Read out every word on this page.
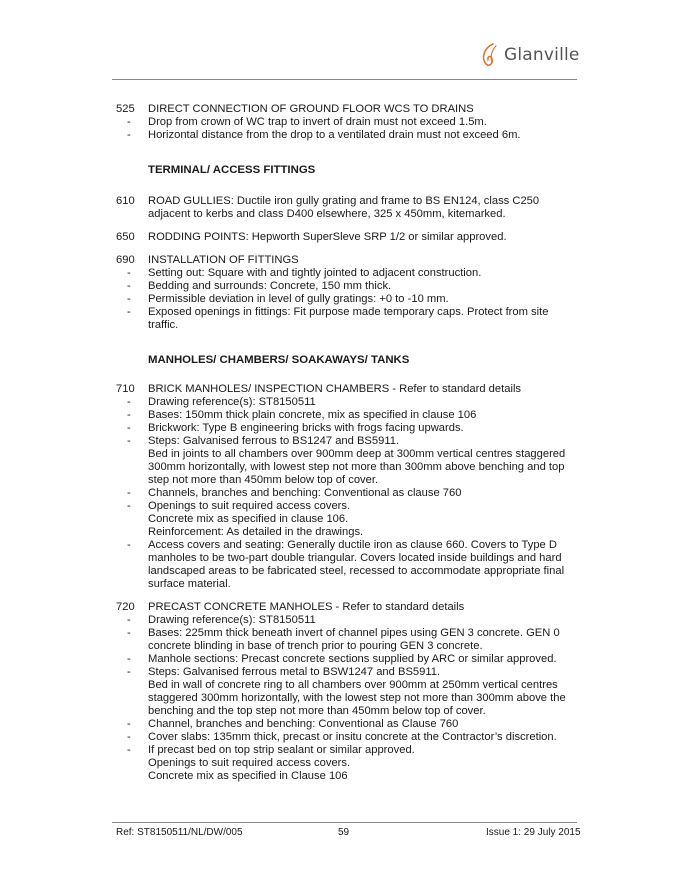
Glanville
525 DIRECT CONNECTION OF GROUND FLOOR WCS TO DRAINS
- Drop from crown of WC trap to invert of drain must not exceed 1.5m.
- Horizontal distance from the drop to a ventilated drain must not exceed 6m.
TERMINAL/ ACCESS FITTINGS
610 ROAD GULLIES: Ductile iron gully grating and frame to BS EN124, class C250
adjacent to kerbs and class D400 elsewhere, 325 x 450mm, kitemarked.
650 RODDING POINTS: Hepworth SuperSleve SRP 1/2 or similar approved.
690 INSTALLATION OF FITTINGS
- Setting out: Square with and tightly jointed to adjacent construction.
- Bedding and surrounds: Concrete, 150 mm thick.
- Permissible deviation in level of gully gratings: +0 to -10 mm.
- Exposed openings in fittings: Fit purpose made temporary caps. Protect from site
traffic.
MANHOLES/ CHAMBERS/ SOAKAWAYS/ TANKS
710 BRICK MANHOLES/ INSPECTION CHAMBERS - Refer to standard details
- Drawing reference(s): ST8150511
- Bases: 150mm thick plain concrete, mix as specified in clause 106
- Brickwork: Type B engineering bricks with frogs facing upwards.
- Steps: Galvanised ferrous to BS1247 and BS5911.
Bed in joints to all chambers over 900mm deep at 300mm vertical centres staggered
300mm horizontally, with lowest step not more than 300mm above benching and top
step not more than 450mm below top of cover.
- Channels, branches and benching: Conventional as clause 760
- Openings to suit required access covers.
Concrete mix as specified in clause 106.
Reinforcement: As detailed in the drawings.
- Access covers and seating: Generally ductile iron as clause 660. Covers to Type D
manholes to be two-part double triangular. Covers located inside buildings and hard
landscaped areas to be fabricated steel, recessed to accommodate appropriate final
surface material.
720 PRECAST CONCRETE MANHOLES - Refer to standard details
- Drawing reference(s): ST8150511
- Bases: 225mm thick beneath invert of channel pipes using GEN 3 concrete. GEN 0
concrete blinding in base of trench prior to pouring GEN 3 concrete.
- Manhole sections: Precast concrete sections supplied by ARC or similar approved.
- Steps: Galvanised ferrous metal to BSW1247 and BS5911.
Bed in wall of concrete ring to all chambers over 900mm at 250mm vertical centres
staggered 300mm horizontally, with the lowest step not more than 300mm above the
benching and the top step not more than 450mm below top of cover.
- Channel, branches and benching: Conventional as Clause 760
- Cover slabs: 135mm thick, precast or insitu concrete at the Contractor’s discretion.
- If precast bed on top strip sealant or similar approved.
Openings to suit required access covers.
Concrete mix as specified in Clause 106
Ref: ST8150511/NL/DW/005	59	Issue 1: 29 July 2015
